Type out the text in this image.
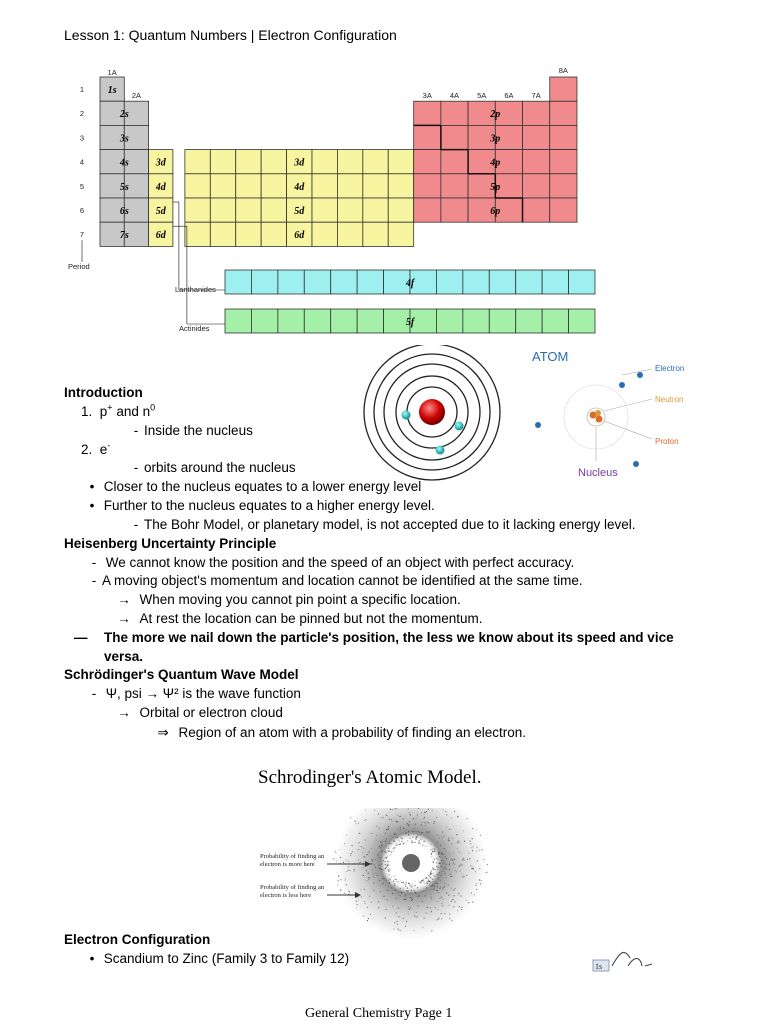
Lesson 1: Quantum Numbers | Electron Configuration
1A
2A	3A 4A 5A 6A 7A
8A
1
2
3
4
5
6
7
Period
1s
2s
3s
4s
5s
6s
7s
3d
4d
5d
6d
3d
4d
5d
6d
2p
3p
4p
5p
6p
4f
5f
Lanthanides
Actinides
ATOM
Electron
Neutron
Proton
Nucleus
Introduction
1. p+ and $n^0$
- Inside the nucleus
2. e-
- orbits around the nucleus
• Closer to the nucleus equates to a lower energy level
• Further to the nucleus equates to a higher energy level.
- The Bohr Model, or planetary model, is not accepted due to it lacking energy level.
Heisenberg Uncertainty Principle
- We cannot know the position and the speed of an object with perfect accuracy.
- A moving object's momentum and location cannot be identified at the same time.
→ When moving you cannot pin point a specific location.
→ At rest the location can be pinned but not the momentum.
— The more we nail down the particle's position, the less we know about its speed and vice
versa.
Schrödinger's Quantum Wave Model
- Ψ, psi → Ψ² is the wave function
→ Orbital or electron cloud
⇒ Region of an atom with a probability of finding an electron.
Schrodinger's Atomic Model.
Probability of finding an
electron is more here
Probability of finding an
electron is less here
Electron Configuration
• Scandium to Zinc (Family 3 to Family 12)
1s
General Chemistry Page 1
